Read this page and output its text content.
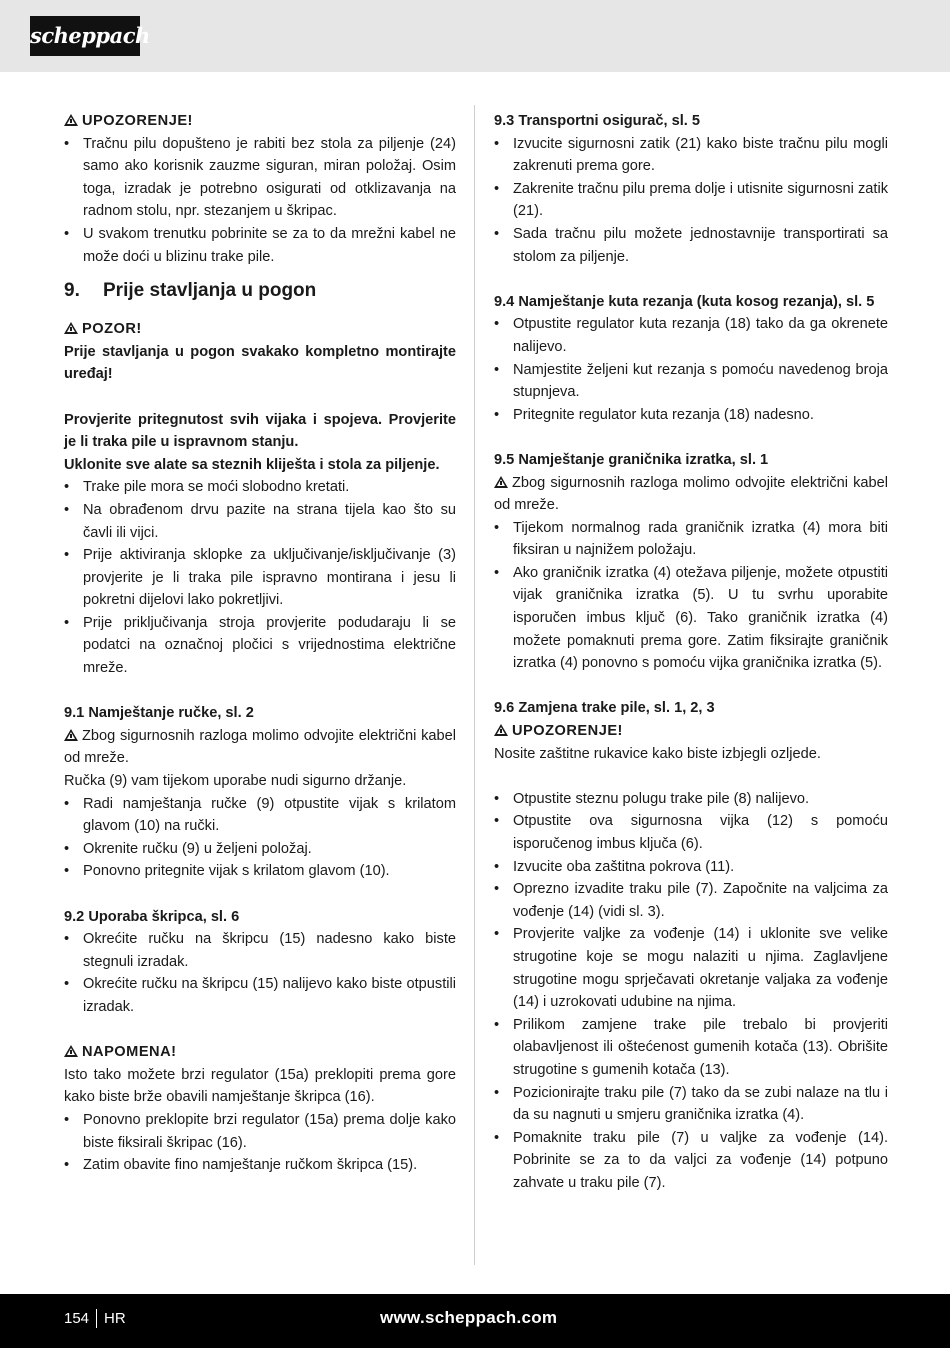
scheppach
UPOZORENJE!
• Tračnu pilu dopušteno je rabiti bez stola za piljenje (24) samo ako korisnik zauzme siguran, miran položaj. Osim toga, izradak je potrebno osigurati od otklizavanja na radnom stolu, npr. stezanjem u škripac.
• U svakom trenutku pobrinite se za to da mrežni kabel ne može doći u blizinu trake pile.
9. Prije stavljanja u pogon
POZOR!
Prije stavljanja u pogon svakako kompletno montirajte uređaj!
Provjerite pritegnutost svih vijaka i spojeva. Provjerite je li traka pile u ispravnom stanju.
Uklonite sve alate sa steznih kliješta i stola za piljenje.
• Trake pile mora se moći slobodno kretati.
• Na obrađenom drvu pazite na strana tijela kao što su čavli ili vijci.
• Prije aktiviranja sklopke za uključivanje/isključivanje (3) provjerite je li traka pile ispravno montirana i jesu li pokretni dijelovi lako pokretljivi.
• Prije priključivanja stroja provjerite podudaraju li se podatci na označnoj pločici s vrijednostima električne mreže.
9.1 Namještanje ručke, sl. 2
Zbog sigurnosnih razloga molimo odvojite električni kabel od mreže.
Ručka (9) vam tijekom uporabe nudi sigurno držanje.
• Radi namještanja ručke (9) otpustite vijak s krilatom glavom (10) na ručki.
• Okrenite ručku (9) u željeni položaj.
• Ponovno pritegnite vijak s krilatom glavom (10).
9.2 Uporaba škripca, sl. 6
• Okrećite ručku na škripcu (15) nadesno kako biste stegnuli izradak.
• Okrećite ručku na škripcu (15) nalijevo kako biste otpustili izradak.
NAPOMENA!
Isto tako možete brzi regulator (15a) preklopiti prema gore kako biste brže obavili namještanje škripca (16).
• Ponovno preklopite brzi regulator (15a) prema dolje kako biste fiksirali škripac (16).
• Zatim obavite fino namještanje ručkom škripca (15).
9.3 Transportni osigurač, sl. 5
• Izvucite sigurnosni zatik (21) kako biste tračnu pilu mogli zakrenuti prema gore.
• Zakrenite tračnu pilu prema dolje i utisnite sigurnosni zatik (21).
• Sada tračnu pilu možete jednostavnije transportirati sa stolom za piljenje.
9.4 Namještanje kuta rezanja (kuta kosog rezanja), sl. 5
• Otpustite regulator kuta rezanja (18) tako da ga okrenete nalijevo.
• Namjestite željeni kut rezanja s pomoću navedenog broja stupnjeva.
• Pritegnite regulator kuta rezanja (18) nadesno.
9.5 Namještanje graničnika izratka, sl. 1
Zbog sigurnosnih razloga molimo odvojite električni kabel od mreže.
• Tijekom normalnog rada graničnik izratka (4) mora biti fiksiran u najnižem položaju.
• Ako graničnik izratka (4) otežava piljenje, možete otpustiti vijak graničnika izratka (5). U tu svrhu uporabite isporučen imbus ključ (6). Tako graničnik izratka (4) možete pomaknuti prema gore. Zatim fiksirajte graničnik izratka (4) ponovno s pomoću vijka graničnika izratka (5).
9.6 Zamjena trake pile, sl. 1, 2, 3
UPOZORENJE!
Nosite zaštitne rukavice kako biste izbjegli ozljede.
• Otpustite steznu polugu trake pile (8) nalijevo.
• Otpustite ova sigurnosna vijka (12) s pomoću isporučenog imbus ključa (6).
• Izvucite oba zaštitna pokrova (11).
• Oprezno izvadite traku pile (7). Započnite na valjcima za vođenje (14) (vidi sl. 3).
• Provjerite valjke za vođenje (14) i uklonite sve velike strugotine koje se mogu nalaziti u njima. Zaglavljene strugotine mogu sprječavati okretanje valjaka za vođenje (14) i uzrokovati udubine na njima.
• Prilikom zamjene trake pile trebalo bi provjeriti olabavljenost ili oštećenost gumenih kotača (13). Obrišite strugotine s gumenih kotača (13).
• Pozicionirajte traku pile (7) tako da se zubi nalaze na tlu i da su nagnuti u smjeru graničnika izratka (4).
• Pomaknite traku pile (7) u valjke za vođenje (14). Pobrinite se za to da valjci za vođenje (14) potpuno zahvate u traku pile (7).
154 HR	www.scheppach.com
